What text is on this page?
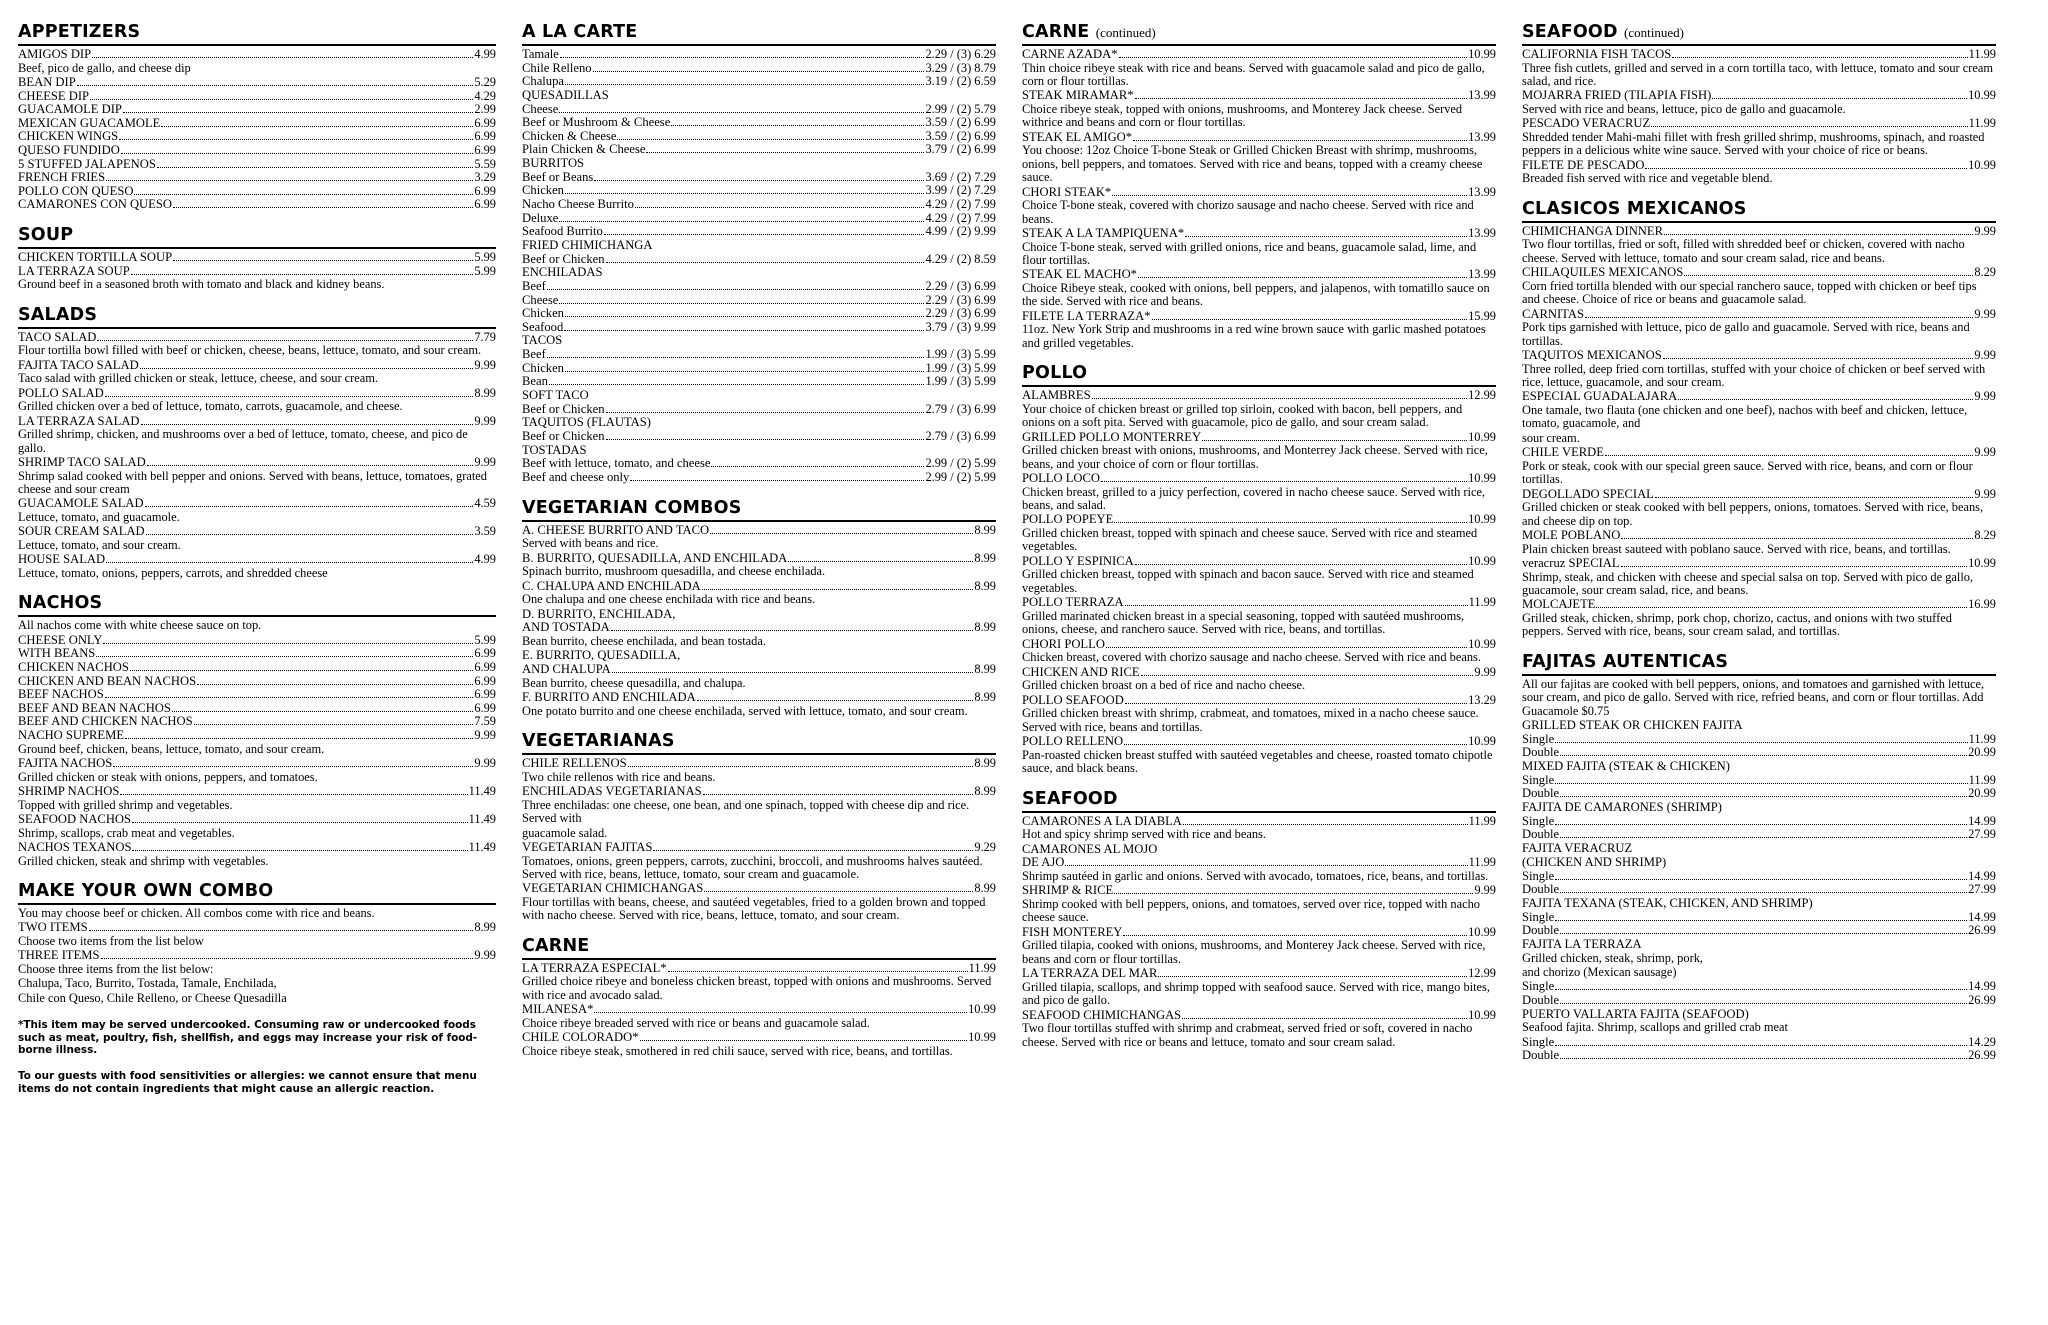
APPETIZERS
AMIGOS DIP	4.99
Beef, pico de gallo, and cheese dip
BEAN DIP	5.29
CHEESE DIP	4.29
GUACAMOLE DIP	2.99
MEXICAN GUACAMOLE	6.99
CHICKEN WINGS	6.99
QUESO FUNDIDO	6.99
5 STUFFED JALAPENOS	5.59
FRENCH FRIES	3.29
POLLO CON QUESO	6.99
CAMARONES CON QUESO	6.99
SOUP
CHICKEN TORTILLA SOUP	5.99
LA TERRAZA SOUP	5.99
Ground beef in a seasoned broth with tomato and black and kidney beans.
SALADS
TACO SALAD	7.79
Flour tortilla bowl filled with beef or chicken, cheese, beans, lettuce, tomato, and sour cream.
FAJITA TACO SALAD	9.99
Taco salad with grilled chicken or steak, lettuce, cheese, and sour cream.
POLLO SALAD	8.99
Grilled chicken over a bed of lettuce, tomato, carrots, guacamole, and cheese.
LA TERRAZA SALAD	9.99
Grilled shrimp, chicken, and mushrooms over a bed of lettuce, tomato, cheese, and pico de gallo.
SHRIMP TACO SALAD	9.99
Shrimp salad cooked with bell pepper and onions. Served with beans, lettuce, tomatoes, grated cheese and sour cream
GUACAMOLE SALAD	4.59
Lettuce, tomato, and guacamole.
SOUR CREAM SALAD	3.59
Lettuce, tomato, and sour cream.
HOUSE SALAD	4.99
Lettuce, tomato, onions, peppers, carrots, and shredded cheese
NACHOS
All nachos come with white cheese sauce on top.
CHEESE ONLY	5.99
WITH BEANS	6.99
CHICKEN NACHOS	6.99
CHICKEN AND BEAN NACHOS	6.99
BEEF NACHOS	6.99
BEEF AND BEAN NACHOS	6.99
BEEF AND CHICKEN NACHOS	7.59
NACHO SUPREME	9.99
Ground beef, chicken, beans, lettuce, tomato, and sour cream.
FAJITA NACHOS	9.99
Grilled chicken or steak with onions, peppers, and tomatoes.
SHRIMP NACHOS	11.49
Topped with grilled shrimp and vegetables.
SEAFOOD NACHOS	11.49
Shrimp, scallops, crab meat and vegetables.
NACHOS TEXANOS	11.49
Grilled chicken, steak and shrimp with vegetables.
MAKE YOUR OWN COMBO
You may choose beef or chicken. All combos come with rice and beans.
TWO ITEMS	8.99
Choose two items from the list below
THREE ITEMS	9.99
Choose three items from the list below:
Chalupa, Taco, Burrito, Tostada, Tamale, Enchilada,
Chile con Queso, Chile Relleno, or Cheese Quesadilla
*This item may be served undercooked. Consuming raw or undercooked foods such as meat, poultry, fish, shellfish, and eggs may increase your risk of food-borne illness.
To our guests with food sensitivities or allergies: we cannot ensure that menu items do not contain ingredients that might cause an allergic reaction.
A LA CARTE
Tamale	2.29 / (3) 6.29
Chile Relleno	3.29 / (3) 8.79
Chalupa	3.19 / (2) 6.59
QUESADILLAS
Cheese	2.99 / (2) 5.79
Beef or Mushroom & Cheese	3.59 / (2) 6.99
Chicken & Cheese	3.59 / (2) 6.99
Plain Chicken & Cheese	3.79 / (2) 6.99
BURRITOS
Beef or Beans	3.69 / (2) 7.29
Chicken	3.99 / (2) 7.29
Nacho Cheese Burrito	4.29 / (2) 7.99
Deluxe	4.29 / (2) 7.99
Seafood Burrito	4.99 / (2) 9.99
FRIED CHIMICHANGA
Beef or Chicken	4.29 / (2) 8.59
ENCHILADAS
Beef	2.29 / (3) 6.99
Cheese	2.29 / (3) 6.99
Chicken	2.29 / (3) 6.99
Seafood	3.79 / (3) 9.99
TACOS
Beef	1.99 / (3) 5.99
Chicken	1.99 / (3) 5.99
Bean	1.99 / (3) 5.99
SOFT TACO
Beef or Chicken	2.79 / (3) 6.99
TAQUITOS (FLAUTAS)
Beef or Chicken	2.79 / (3) 6.99
TOSTADAS
Beef with lettuce, tomato, and cheese	2.99 / (2) 5.99
Beef and cheese only	2.99 / (2) 5.99
VEGETARIAN COMBOS
A. CHEESE BURRITO AND TACO	8.99
Served with beans and rice.
B. BURRITO, QUESADILLA, AND ENCHILADA	8.99
Spinach burrito, mushroom quesadilla, and cheese enchilada.
C. CHALUPA AND ENCHILADA	8.99
One chalupa and one cheese enchilada with rice and beans.
D. BURRITO, ENCHILADA,
AND TOSTADA	8.99
Bean burrito, cheese enchilada, and bean tostada.
E. BURRITO, QUESADILLA,
AND CHALUPA	8.99
Bean burrito, cheese quesadilla, and chalupa.
F. BURRITO AND ENCHILADA	8.99
One potato burrito and one cheese enchilada, served with lettuce, tomato, and sour cream.
VEGETARIANAS
CHILE RELLENOS	8.99
Two chile rellenos with rice and beans.
ENCHILADAS VEGETARIANAS	8.99
Three enchiladas: one cheese, one bean, and one spinach, topped with cheese dip and rice. Served with
guacamole salad.
VEGETARIAN FAJITAS	9.29
Tomatoes, onions, green peppers, carrots, zucchini, broccoli, and mushrooms halves sautéed. Served with rice, beans, lettuce, tomato, sour cream and guacamole.
VEGETARIAN CHIMICHANGAS	8.99
Flour tortillas with beans, cheese, and sautéed vegetables, fried to a golden brown and topped with nacho cheese. Served with rice, beans, lettuce, tomato, and sour cream.
CARNE
LA TERRAZA ESPECIAL*	11.99
Grilled choice ribeye and boneless chicken breast, topped with onions and mushrooms. Served with rice and avocado salad.
MILANESA*	10.99
Choice ribeye breaded served with rice or beans and guacamole salad.
CHILE COLORADO*	10.99
Choice ribeye steak, smothered in red chili sauce, served with rice, beans, and tortillas.
CARNE (continued)
CARNE AZADA*	10.99
Thin choice ribeye steak with rice and beans. Served with guacamole salad and pico de gallo, corn or flour tortillas.
STEAK MIRAMAR*	13.99
Choice ribeye steak, topped with onions, mushrooms, and Monterey Jack cheese. Served withrice and beans and corn or flour tortillas.
STEAK EL AMIGO*	13.99
You choose: 12oz Choice T-bone Steak or Grilled Chicken Breast with shrimp, mushrooms, onions, bell peppers, and tomatoes. Served with rice and beans, topped with a creamy cheese sauce.
CHORI STEAK*	13.99
Choice T-bone steak, covered with chorizo sausage and nacho cheese. Served with rice and beans.
STEAK A LA TAMPIQUENA*	13.99
Choice T-bone steak, served with grilled onions, rice and beans, guacamole salad, lime, and flour tortillas.
STEAK EL MACHO*	13.99
Choice Ribeye steak, cooked with onions, bell peppers, and jalapenos, with tomatillo sauce on the side. Served with rice and beans.
FILETE LA TERRAZA*	15.99
11oz. New York Strip and mushrooms in a red wine brown sauce with garlic mashed potatoes and grilled vegetables.
POLLO
ALAMBRES	12.99
Your choice of chicken breast or grilled top sirloin, cooked with bacon, bell peppers, and onions on a soft pita. Served with guacamole, pico de gallo, and sour cream salad.
GRILLED POLLO MONTERREY	10.99
Grilled chicken breast with onions, mushrooms, and Monterrey Jack cheese. Served with rice, beans, and your choice of corn or flour tortillas.
POLLO LOCO	10.99
Chicken breast, grilled to a juicy perfection, covered in nacho cheese sauce. Served with rice, beans, and salad.
POLLO POPEYE	10.99
Grilled chicken breast, topped with spinach and cheese sauce. Served with rice and steamed vegetables.
POLLO Y ESPINICA	10.99
Grilled chicken breast, topped with spinach and bacon sauce. Served with rice and steamed vegetables.
POLLO TERRAZA	11.99
Grilled marinated chicken breast in a special seasoning, topped with sautéed mushrooms, onions, cheese, and ranchero sauce. Served with rice, beans, and tortillas.
CHORI POLLO	10.99
Chicken breast, covered with chorizo sausage and nacho cheese. Served with rice and beans.
CHICKEN AND RICE	9.99
Grilled chicken broast on a bed of rice and nacho cheese.
POLLO SEAFOOD	13.29
Grilled chicken breast with shrimp, crabmeat, and tomatoes, mixed in a nacho cheese sauce. Served with rice, beans and tortillas.
POLLO RELLENO	10.99
Pan-roasted chicken breast stuffed with sautéed vegetables and cheese, roasted tomato chipotle sauce, and black beans.
SEAFOOD
CAMARONES A LA DIABLA	11.99
Hot and spicy shrimp served with rice and beans.
CAMARONES AL MOJO
DE AJO	11.99
Shrimp sautéed in garlic and onions. Served with avocado, tomatoes, rice, beans, and tortillas.
SHRIMP & RICE	9.99
Shrimp cooked with bell peppers, onions, and tomatoes, served over rice, topped with nacho cheese sauce.
FISH MONTEREY	10.99
Grilled tilapia, cooked with onions, mushrooms, and Monterey Jack cheese. Served with rice, beans and corn or flour tortillas.
LA TERRAZA DEL MAR	12.99
Grilled tilapia, scallops, and shrimp topped with seafood sauce. Served with rice, mango bites, and pico de gallo.
SEAFOOD CHIMICHANGAS	10.99
Two flour tortillas stuffed with shrimp and crabmeat, served fried or soft, covered in nacho cheese. Served with rice or beans and lettuce, tomato and sour cream salad.
SEAFOOD (continued)
CALIFORNIA FISH TACOS	11.99
Three fish cutlets, grilled and served in a corn tortilla taco, with lettuce, tomato and sour cream salad, and rice.
MOJARRA FRIED (TILAPIA FISH)	10.99
Served with rice and beans, lettuce, pico de gallo and guacamole.
PESCADO VERACRUZ	11.99
Shredded tender Mahi-mahi fillet with fresh grilled shrimp, mushrooms, spinach, and roasted peppers in a delicious white wine sauce. Served with your choice of rice or beans.
FILETE DE PESCADO	10.99
Breaded fish served with rice and vegetable blend.
CLASICOS MEXICANOS
CHIMICHANGA DINNER	9.99
Two flour tortillas, fried or soft, filled with shredded beef or chicken, covered with nacho cheese. Served with lettuce, tomato and sour cream salad, rice and beans.
CHILAQUILES MEXICANOS	8.29
Corn fried tortilla blended with our special ranchero sauce, topped with chicken or beef tips and cheese. Choice of rice or beans and guacamole salad.
CARNITAS	9.99
Pork tips garnished with lettuce, pico de gallo and guacamole. Served with rice, beans and tortillas.
TAQUITOS MEXICANOS	9.99
Three rolled, deep fried corn tortillas, stuffed with your choice of chicken or beef served with rice, lettuce, guacamole, and sour cream.
ESPECIAL GUADALAJARA	9.99
One tamale, two flauta (one chicken and one beef), nachos with beef and chicken, lettuce, tomato, guacamole, and
sour cream.
CHILE VERDE	9.99
Pork or steak, cook with our special green sauce. Served with rice, beans, and corn or flour tortillas.
DEGOLLADO SPECIAL	9.99
Grilled chicken or steak cooked with bell peppers, onions, tomatoes. Served with rice, beans, and cheese dip on top.
MOLE POBLANO	8.29
Plain chicken breast sauteed with poblano sauce. Served with rice, beans, and tortillas.
veracruz SPECIAL	10.99
Shrimp, steak, and chicken with cheese and special salsa on top. Served with pico de gallo, guacamole, sour cream salad, rice, and beans.
MOLCAJETE	16.99
Grilled steak, chicken, shrimp, pork chop, chorizo, cactus, and onions with two stuffed peppers. Served with rice, beans, sour cream salad, and tortillas.
FAJITAS AUTENTICAS
All our fajitas are cooked with bell peppers, onions, and tomatoes and garnished with lettuce, sour cream, and pico de gallo. Served with rice, refried beans, and corn or flour tortillas. Add Guacamole $0.75
GRILLED STEAK OR CHICKEN FAJITA
Single	11.99
Double	20.99
MIXED FAJITA (STEAK & CHICKEN)
Single	11.99
Double	20.99
FAJITA DE CAMARONES (SHRIMP)
Single	14.99
Double	27.99
FAJITA VERACRUZ
(CHICKEN AND SHRIMP)
Single	14.99
Double	27.99
FAJITA TEXANA (STEAK, CHICKEN, AND SHRIMP)
Single	14.99
Double	26.99
FAJITA LA TERRAZA
Grilled chicken, steak, shrimp, pork,
and chorizo (Mexican sausage)
Single	14.99
Double	26.99
PUERTO VALLARTA FAJITA (SEAFOOD)
Seafood fajita. Shrimp, scallops and grilled crab meat
Single	14.29
Double	26.99
